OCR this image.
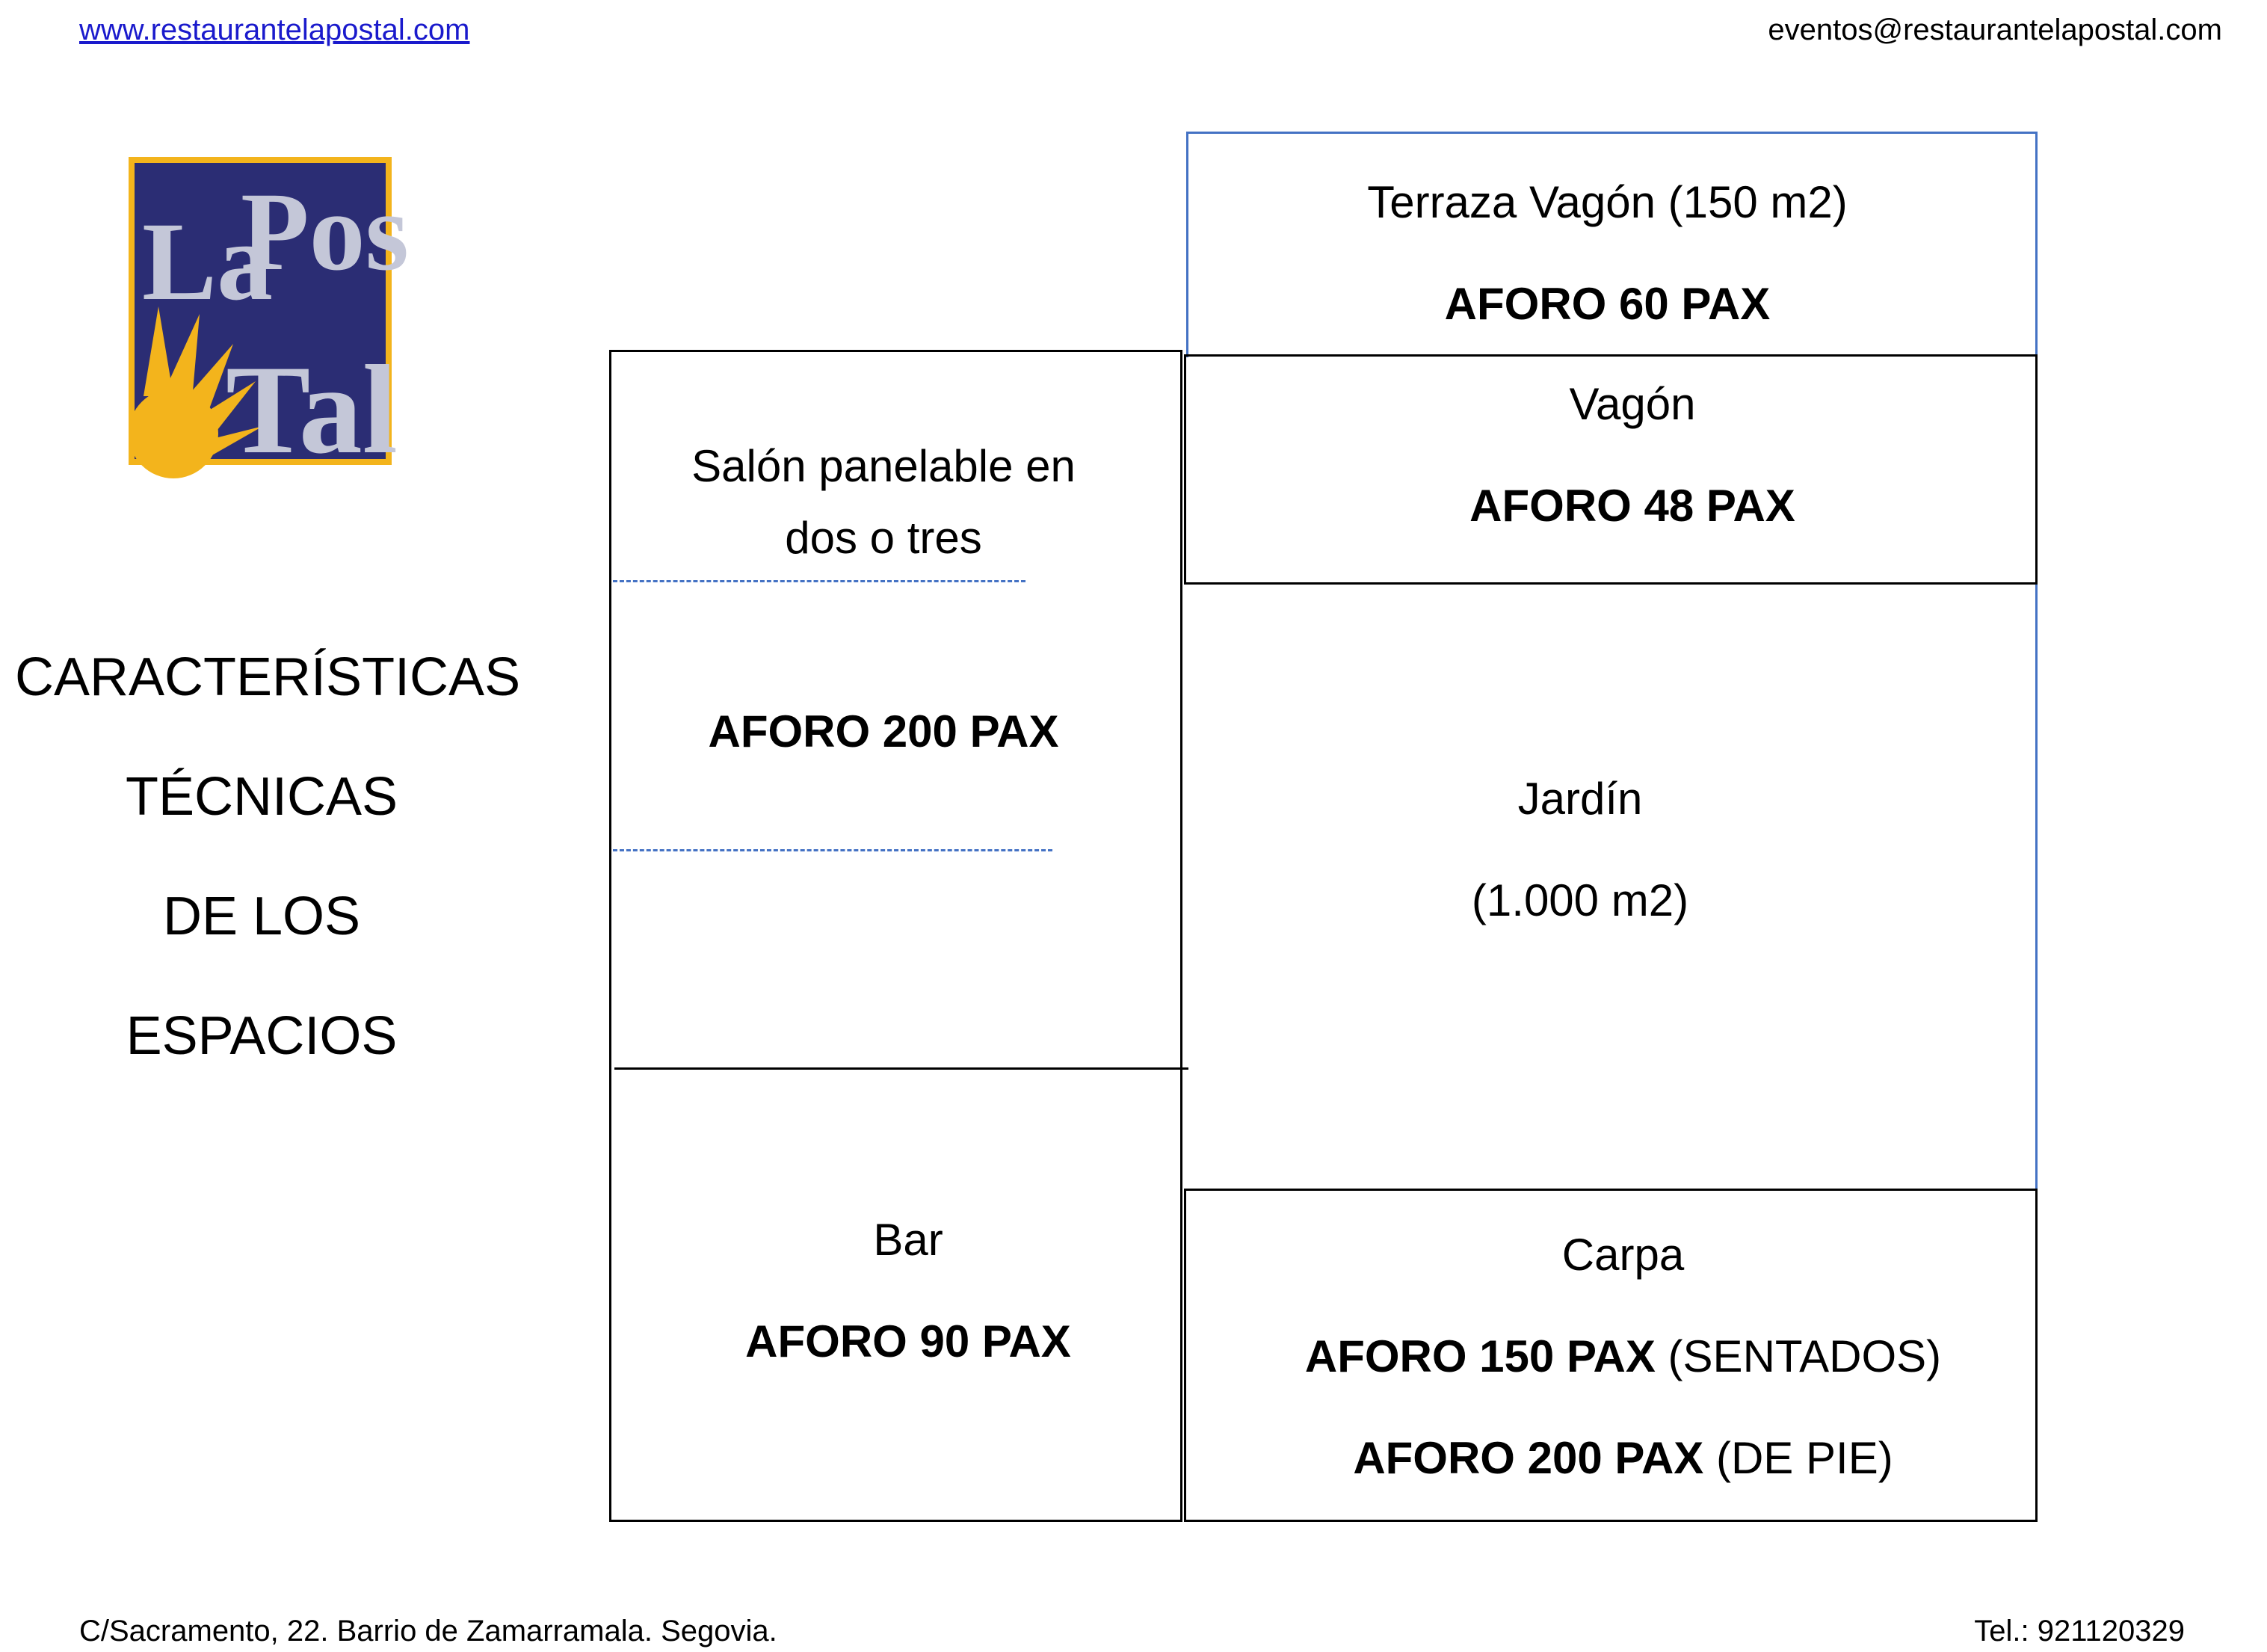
www.restaurantelapostal.com	eventos@restaurantelapostal.com
La
Pos
Tal
CARACTERÍSTICAS
TÉCNICAS
DE LOS
ESPACIOS
Salón panelable en
dos o tres
AFORO 200 PAX
Bar
AFORO 90 PAX
Terraza Vagón (150 m2)
AFORO 60 PAX
Vagón
AFORO 48 PAX
Jardín
(1.000 m2)
Carpa
AFORO 150 PAX (SENTADOS)
AFORO 200 PAX (DE PIE)
C/Sacramento, 22. Barrio de Zamarramala. Segovia.	Tel.: 921120329
